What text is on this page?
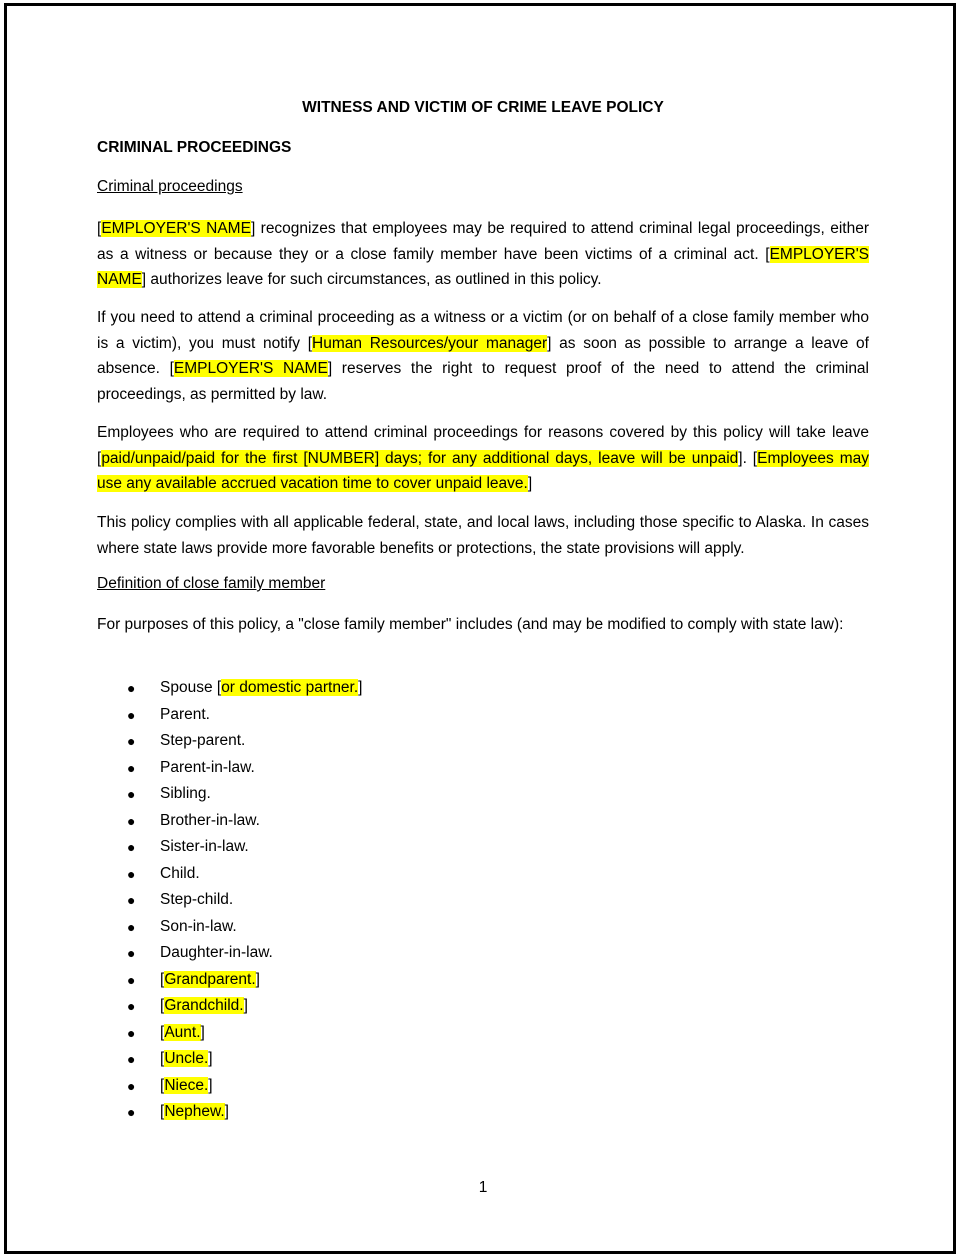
WITNESS AND VICTIM OF CRIME LEAVE POLICY

CRIMINAL PROCEEDINGS

Criminal proceedings

[EMPLOYER'S NAME] recognizes that employees may be required to attend criminal legal proceedings, either as a witness or because they or a close family member have been victims of a criminal act. [EMPLOYER'S NAME] authorizes leave for such circumstances, as outlined in this policy.

If you need to attend a criminal proceeding as a witness or a victim (or on behalf of a close family member who is a victim), you must notify [Human Resources/your manager] as soon as possible to arrange a leave of absence. [EMPLOYER'S NAME] reserves the right to request proof of the need to attend the criminal proceedings, as permitted by law.

Employees who are required to attend criminal proceedings for reasons covered by this policy will take leave [paid/unpaid/paid for the first [NUMBER] days; for any additional days, leave will be unpaid]. [Employees may use any available accrued vacation time to cover unpaid leave.]

This policy complies with all applicable federal, state, and local laws, including those specific to Alaska. In cases where state laws provide more favorable benefits or protections, the state provisions will apply.

Definition of close family member

For purposes of this policy, a "close family member" includes (and may be modified to comply with state law):

● Spouse [or domestic partner.]
● Parent.
● Step-parent.
● Parent-in-law.
● Sibling.
● Brother-in-law.
● Sister-in-law.
● Child.
● Step-child.
● Son-in-law.
● Daughter-in-law.
● [Grandparent.]
● [Grandchild.]
● [Aunt.]
● [Uncle.]
● [Niece.]
● [Nephew.]

1
